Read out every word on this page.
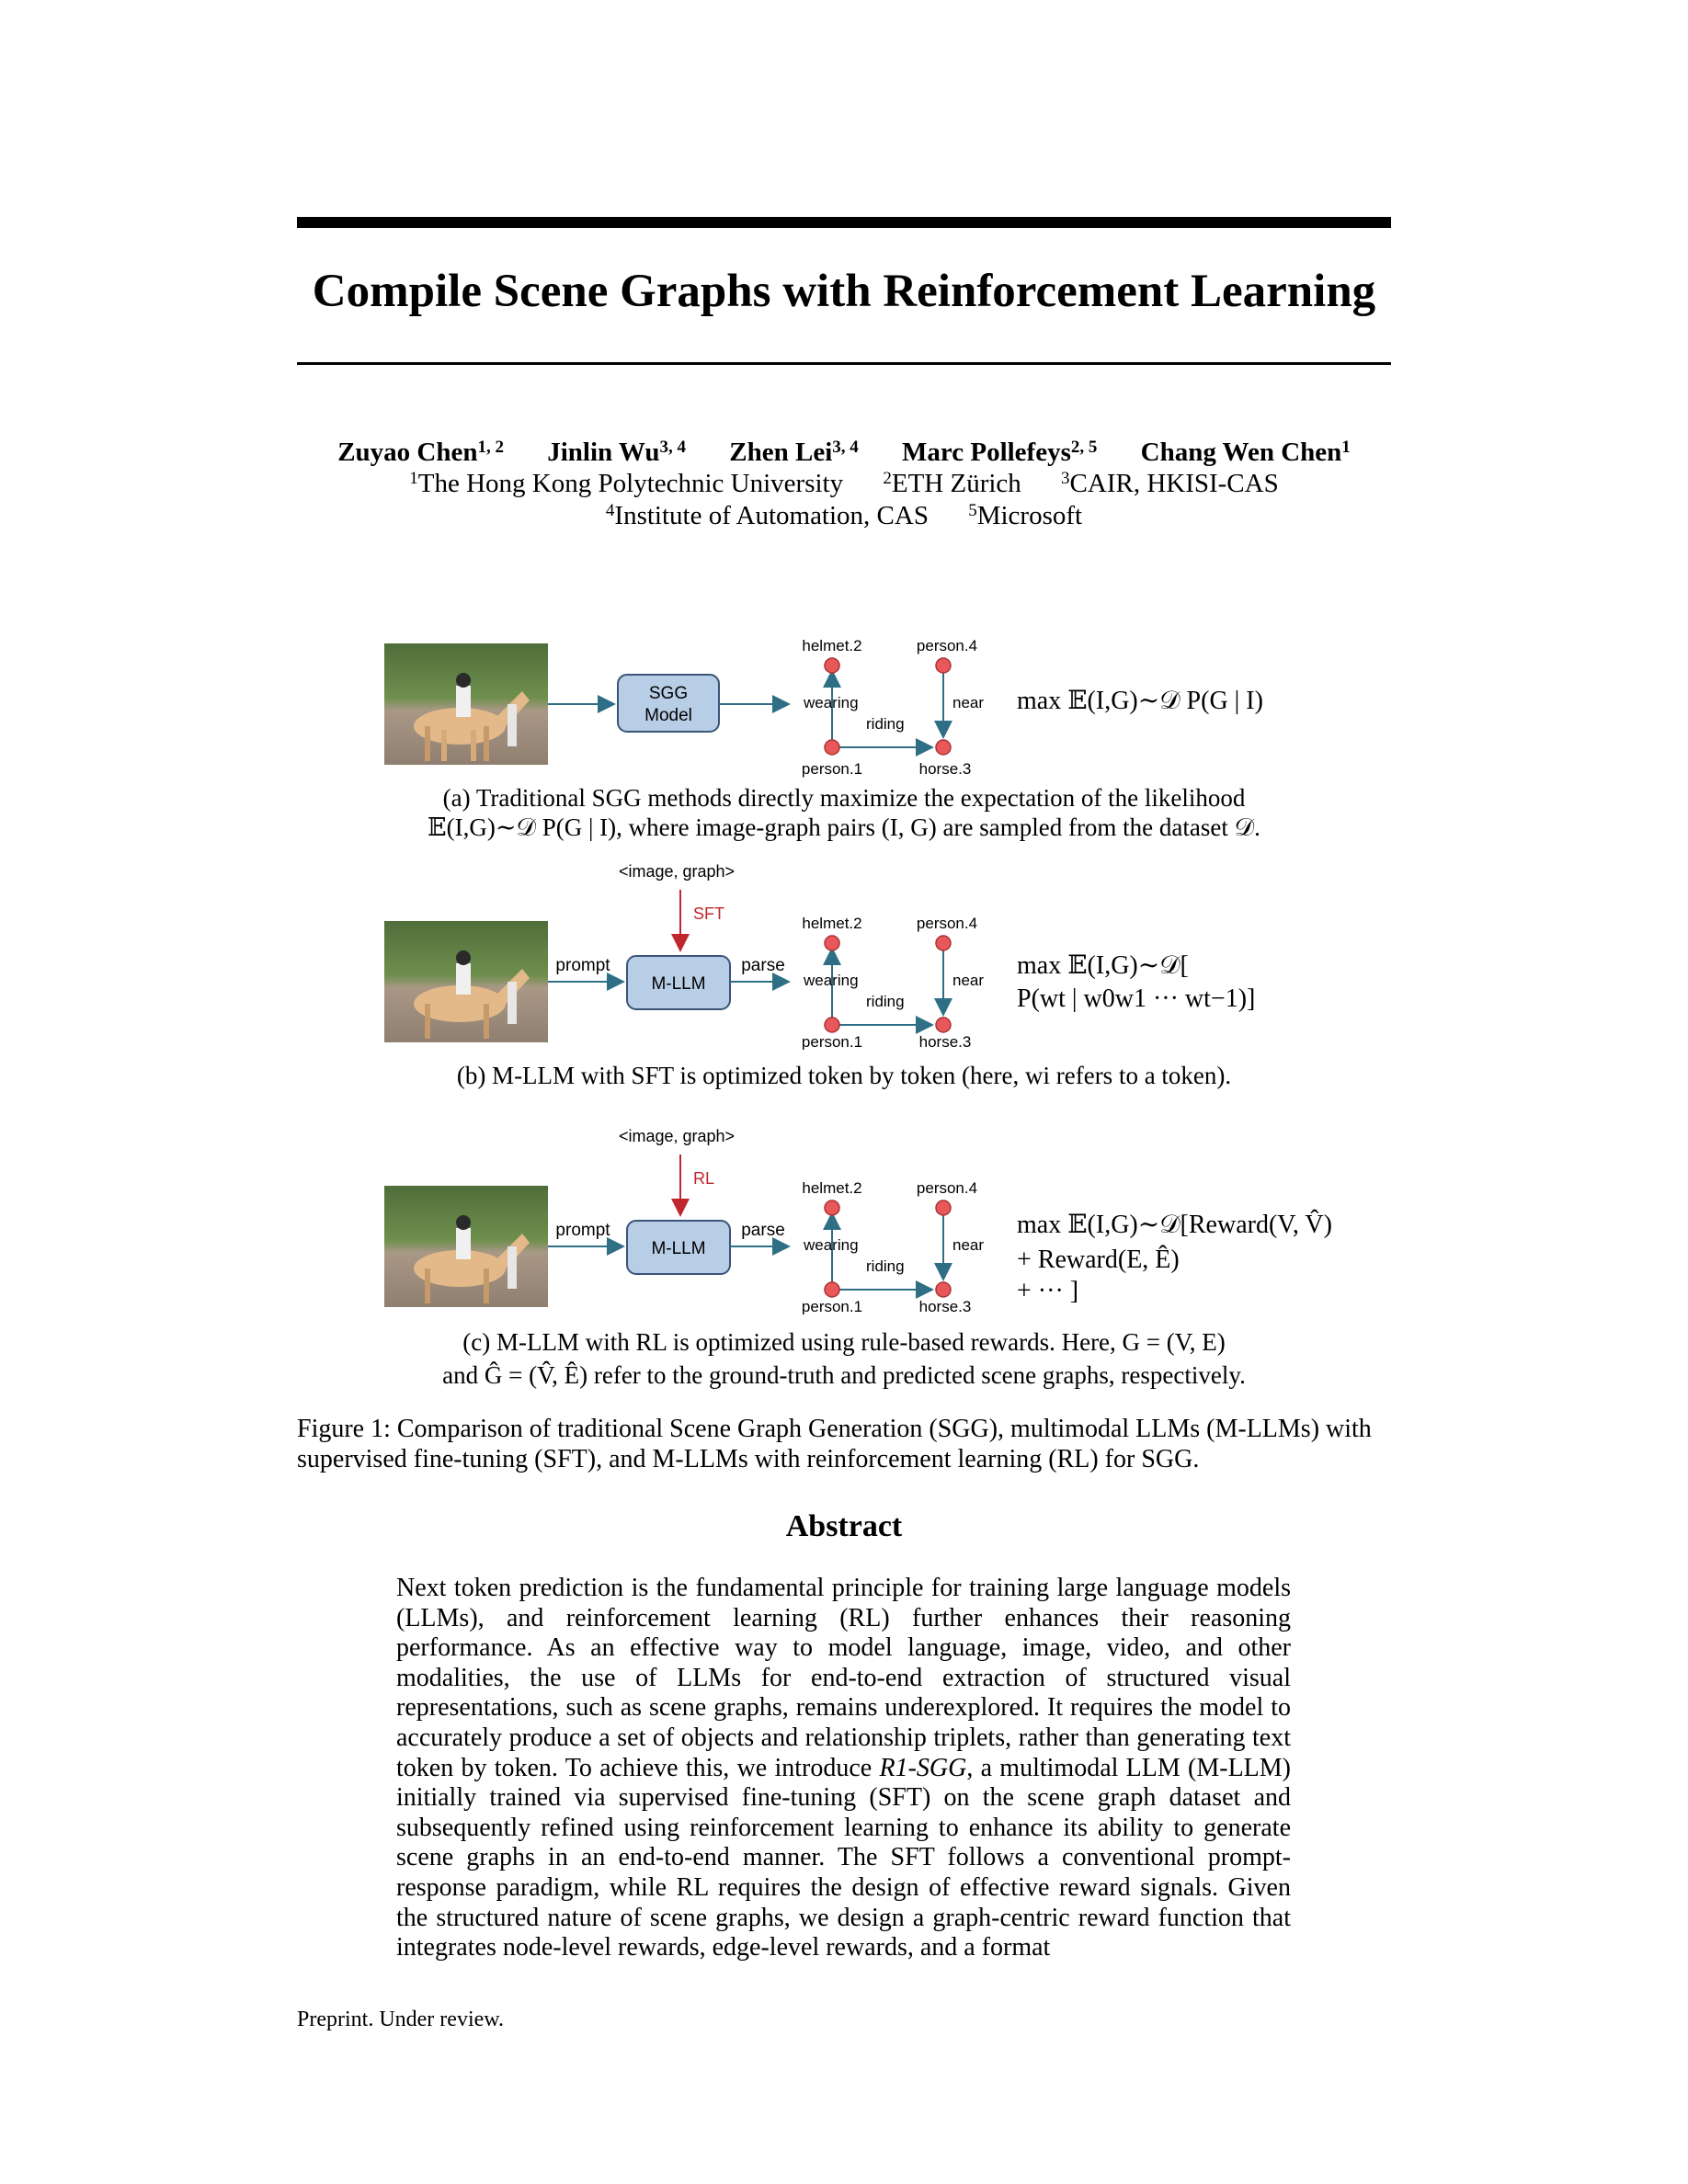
Compile Scene Graphs with Reinforcement Learning
Zuyao Chen$^{1, 2}$ Jinlin Wu$^{3, 4}$ Zhen Lei$^{3, 4}$ Marc Pollefeys$^{2, 5}$ Chang Wen Chen$^1$
$^1$The Hong Kong Polytechnic University $^2$ETH Zürich $^3$CAIR, HKISI-CAS
$^4$Institute of Automation, CAS $^5$Microsoft
SGG
Model
helmet.2	person.4
person.1	horse.3
wearing
riding
near max 𝔼(I,G)∼𝒟 P(G | I)
(a) Traditional SGG methods directly maximize the expectation of the likelihood
𝔼(I,G)∼𝒟 P(G | I), where image-graph pairs (I, G) are sampled from the dataset 𝒟.
<image, graph>
SFT
prompt
M-LLM
parse
helmet.2	person.4
person.1	horse.3
wearing
riding
near
max 𝔼(I,G)∼𝒟[
P(wt | w0w1 ··· wt−1)]
(b) M-LLM with SFT is optimized token by token (here, wi refers to a token).
<image, graph>
RL
prompt
M-LLM
parse
helmet.2	person.4
person.1	horse.3
wearing
riding
near
max 𝔼(I,G)∼𝒟[Reward(V, V̂)
+ Reward(E, Ê)
+ ··· ]
(c) M-LLM with RL is optimized using rule-based rewards. Here, G = (V, E)
and Ĝ = (V̂, Ê) refer to the ground-truth and predicted scene graphs, respectively.
Figure 1: Comparison of traditional Scene Graph Generation (SGG), multimodal LLMs (M-LLMs) with supervised fine-tuning (SFT), and M-LLMs with reinforcement learning (RL) for SGG.
Abstract
Next token prediction is the fundamental principle for training large language models (LLMs), and reinforcement learning (RL) further enhances their reasoning performance. As an effective way to model language, image, video, and other modalities, the use of LLMs for end-to-end extraction of structured visual representations, such as scene graphs, remains underexplored. It requires the model to accurately produce a set of objects and relationship triplets, rather than generating text token by token. To achieve this, we introduce R1-SGG, a multimodal LLM (M-LLM) initially trained via supervised fine-tuning (SFT) on the scene graph dataset and subsequently refined using reinforcement learning to enhance its ability to generate scene graphs in an end-to-end manner. The SFT follows a conventional prompt-response paradigm, while RL requires the design of effective reward signals. Given the structured nature of scene graphs, we design a graph-centric reward function that integrates node-level rewards, edge-level rewards, and a format
Preprint. Under review.
